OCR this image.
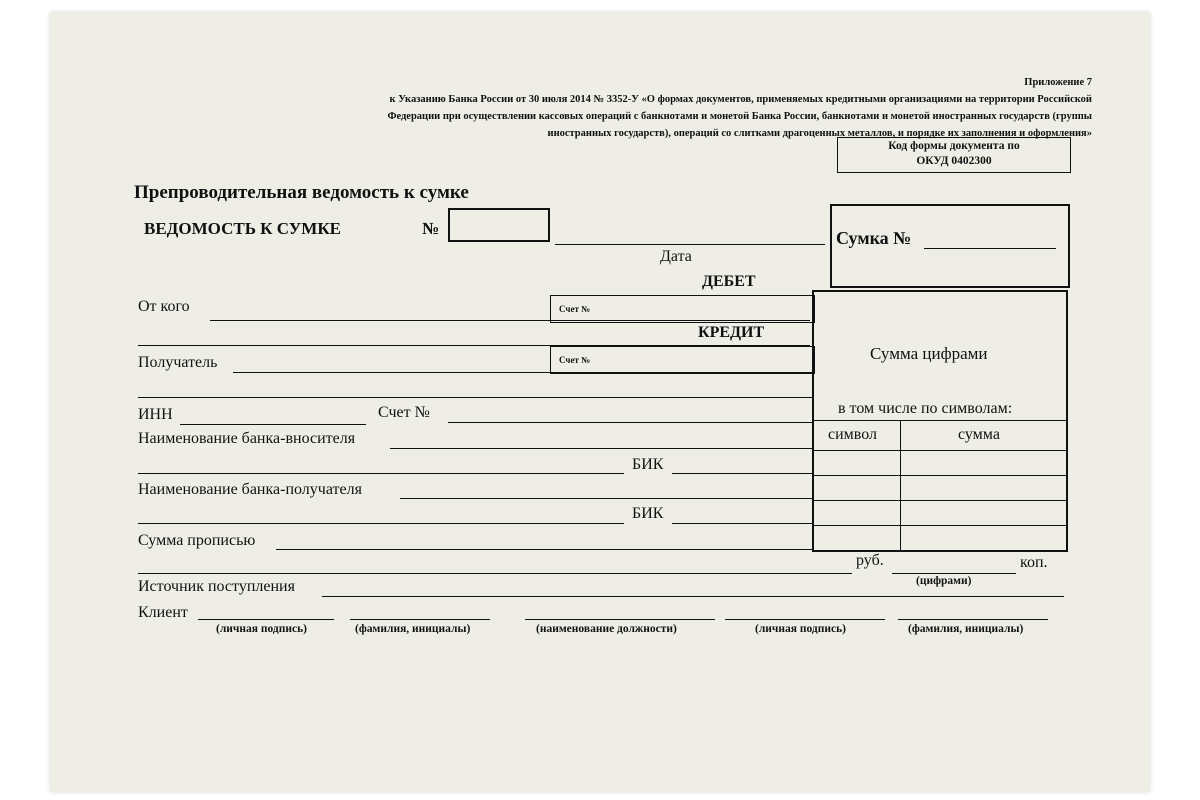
Приложение 7
к Указанию Банка России от 30 июля 2014 № 3352-У «О формах документов, применяемых кредитными организациями на территории Российской
Федерации при осуществлении кассовых операций с банкнотами и монетой Банка России, банкнотами и монетой иностранных государств (группы
иностранных государств), операций со слитками драгоценных металлов, и порядке их заполнения и оформления»
Код формы документа по
ОКУД 0402300
Препроводительная ведомость к сумке
ВЕДОМОСТЬ К СУМКЕ	№
Дата
Сумка №
ДЕБЕТ
Счет №
КРЕДИТ
Счет №	Сумма цифрами
в том числе по символам:
символ	сумма
От кого
Получатель
ИНН	Счет №
Наименование банка-вносителя
БИК
Наименование банка-получателя
БИК
Сумма прописью
руб.	коп.
(цифрами)
Источник поступления
Клиент
(личная подпись)	(фамилия, инициалы)	(наименование должности)	(личная подпись)	(фамилия, инициалы)
